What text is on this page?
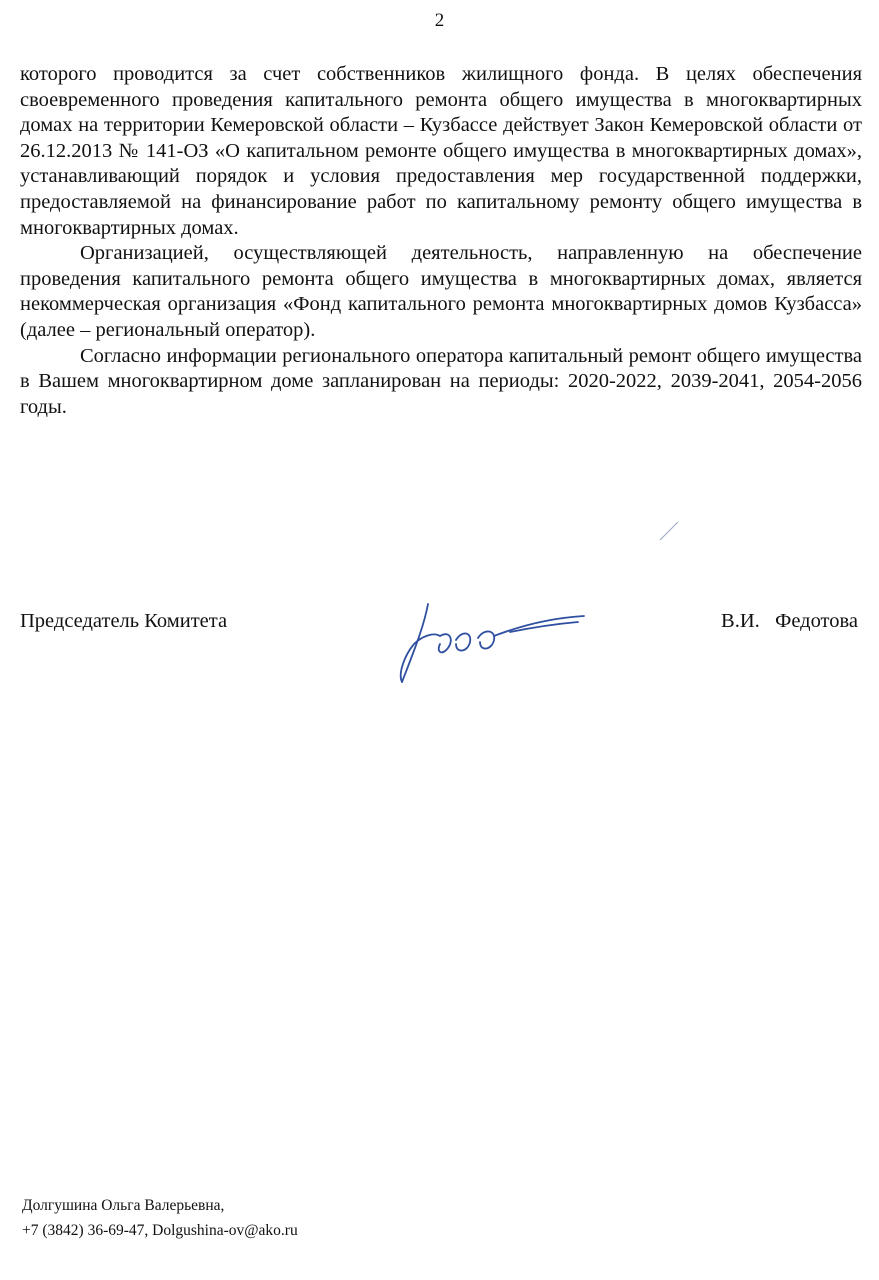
2

которого проводится за счет собственников жилищного фонда. В целях обеспечения своевременного проведения капитального ремонта общего имущества в многоквартирных домах на территории Кемеровской области – Кузбассе действует Закон Кемеровской области от 26.12.2013 № 141-ОЗ «О капитальном ремонте общего имущества в многоквартирных домах», устанавливающий порядок и условия предоставления мер государственной поддержки, предоставляемой на финансирование работ по капитальному ремонту общего имущества в многоквартирных домах.

Организацией, осуществляющей деятельность, направленную на обеспечение проведения капитального ремонта общего имущества в многоквартирных домах, является некоммерческая организация «Фонд капитального ремонта многоквартирных домов Кузбасса» (далее – региональный оператор).

Согласно информации регионального оператора капитальный ремонт общего имущества в Вашем многоквартирном доме запланирован на периоды: 2020-2022, 2039-2041, 2054-2056 годы.

Председатель Комитета	В.И.   Федотова
Долгушина Ольга Валерьевна,
+7 (3842) 36-69-47, Dolgushina-ov@ako.ru
